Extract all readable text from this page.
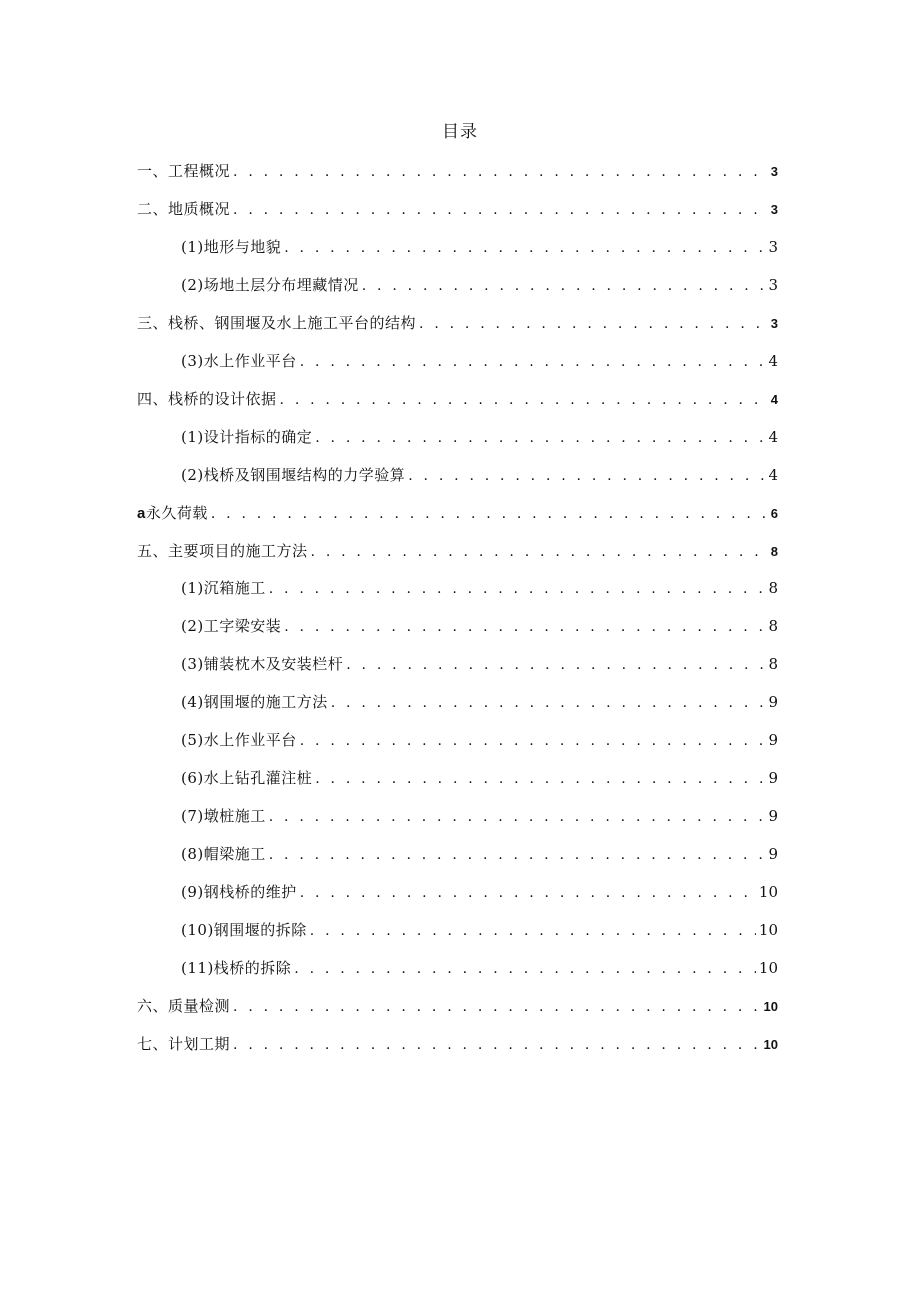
目录
一、工程概况 . . .	3
二、地质概况 . . .	3
(1)地形与地貌 . . .	3
(2)场地土层分布埋藏情况 . . .	3
三、栈桥、钢围堰及水上施工平台的结构 . . .	3
(3)水上作业平台 . . .	4
四、栈桥的设计依据 . . .	4
(1)设计指标的确定 . . .	4
(2)栈桥及钢围堰结构的力学验算 . . .	4
a永久荷载 . . .	6
五、主要项目的施工方法 . . .	8
(1)沉箱施工 . . .	8
(2)工字梁安装 . . .	8
(3)铺装枕木及安装栏杆 . . .	8
(4)钢围堰的施工方法 . . .	9
(5)水上作业平台 . . .	9
(6)水上钻孔灌注桩 . . .	9
(7)墩桩施工 . . .	9
(8)帽梁施工 . . .	9
(9)钢栈桥的维护 . . .	10
(10)钢围堰的拆除 . . .	10
(11)栈桥的拆除 . . .	10
六、质量检测 . . .	10
七、计划工期 . . .	10
